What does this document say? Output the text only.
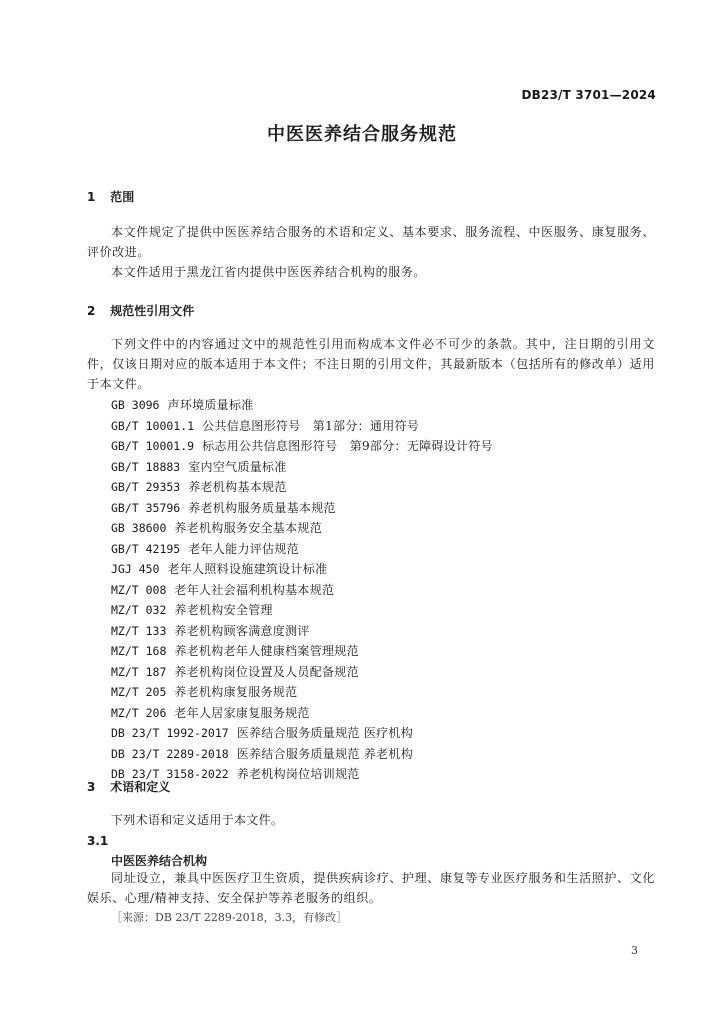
DB23/T 3701—2024
中医医养结合服务规范
1 范围
本文件规定了提供中医医养结合服务的术语和定义、基本要求、服务流程、中医服务、康复服务、评价改进。
本文件适用于黑龙江省内提供中医医养结合机构的服务。
2 规范性引用文件
下列文件中的内容通过文中的规范性引用而构成本文件必不可少的条款。其中，注日期的引用文件，仅该日期对应的版本适用于本文件；不注日期的引用文件，其最新版本（包括所有的修改单）适用于本文件。
GB 3096 声环境质量标准
GB/T 10001.1 公共信息图形符号　第1部分：通用符号
GB/T 10001.9 标志用公共信息图形符号　第9部分：无障碍设计符号
GB/T 18883 室内空气质量标准
GB/T 29353 养老机构基本规范
GB/T 35796 养老机构服务质量基本规范
GB 38600 养老机构服务安全基本规范
GB/T 42195 老年人能力评估规范
JGJ 450 老年人照料设施建筑设计标准
MZ/T 008 老年人社会福利机构基本规范
MZ/T 032 养老机构安全管理
MZ/T 133 养老机构顾客满意度测评
MZ/T 168 养老机构老年人健康档案管理规范
MZ/T 187 养老机构岗位设置及人员配备规范
MZ/T 205 养老机构康复服务规范
MZ/T 206 老年人居家康复服务规范
DB 23/T 1992-2017 医养结合服务质量规范 医疗机构
DB 23/T 2289-2018 医养结合服务质量规范 养老机构
DB 23/T 3158-2022 养老机构岗位培训规范
3 术语和定义
下列术语和定义适用于本文件。
3.1
中医医养结合机构
同址设立，兼具中医医疗卫生资质，提供疾病诊疗、护理、康复等专业医疗服务和生活照护、文化娱乐、心理/精神支持、安全保护等养老服务的组织。
［来源：DB 23/T 2289-2018，3.3，有修改］
3
